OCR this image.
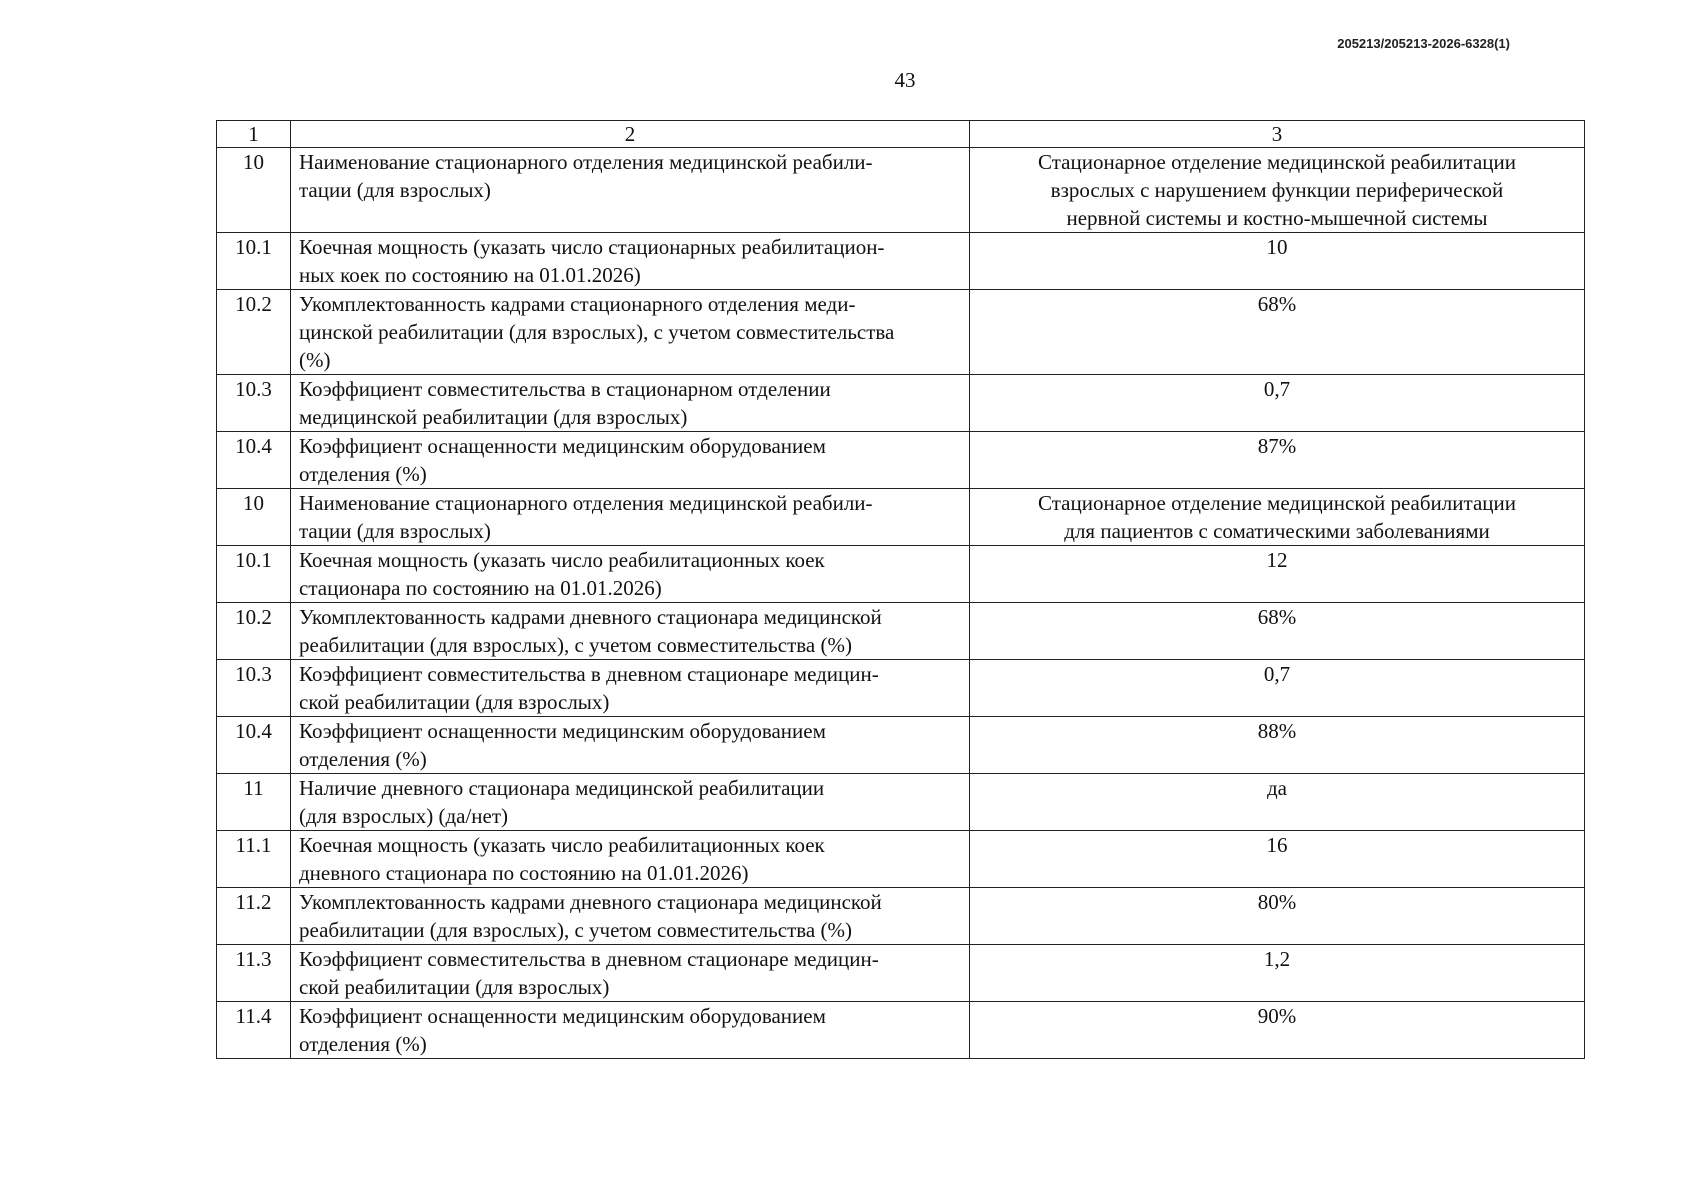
205213/205213-2026-6328(1)
43
1	2	3
10	Наименование стационарного отделения медицинской реабили-
тации (для взрослых)	Стационарное отделение медицинской реабилитации
взрослых с нарушением функции периферической
нервной системы и костно-мышечной системы
10.1	Коечная мощность (указать число стационарных реабилитацион-
ных коек по состоянию на 01.01.2026)	10
10.2	Укомплектованность кадрами стационарного отделения меди-
цинской реабилитации (для взрослых), с учетом совместительства
(%)	68%
10.3	Коэффициент совместительства в стационарном отделении
медицинской реабилитации (для взрослых)	0,7
10.4	Коэффициент оснащенности медицинским оборудованием
отделения (%)	87%
10	Наименование стационарного отделения медицинской реабили-
тации (для взрослых)	Стационарное отделение медицинской реабилитации
для пациентов с соматическими заболеваниями
10.1	Коечная мощность (указать число реабилитационных коек
стационара по состоянию на 01.01.2026)	12
10.2	Укомплектованность кадрами дневного стационара медицинской
реабилитации (для взрослых), с учетом совместительства (%)	68%
10.3	Коэффициент совместительства в дневном стационаре медицин-
ской реабилитации (для взрослых)	0,7
10.4	Коэффициент оснащенности медицинским оборудованием
отделения (%)	88%
11	Наличие дневного стационара медицинской реабилитации
(для взрослых) (да/нет)	да
11.1	Коечная мощность (указать число реабилитационных коек
дневного стационара по состоянию на 01.01.2026)	16
11.2	Укомплектованность кадрами дневного стационара медицинской
реабилитации (для взрослых), с учетом совместительства (%)	80%
11.3	Коэффициент совместительства в дневном стационаре медицин-
ской реабилитации (для взрослых)	1,2
11.4	Коэффициент оснащенности медицинским оборудованием
отделения (%)	90%
